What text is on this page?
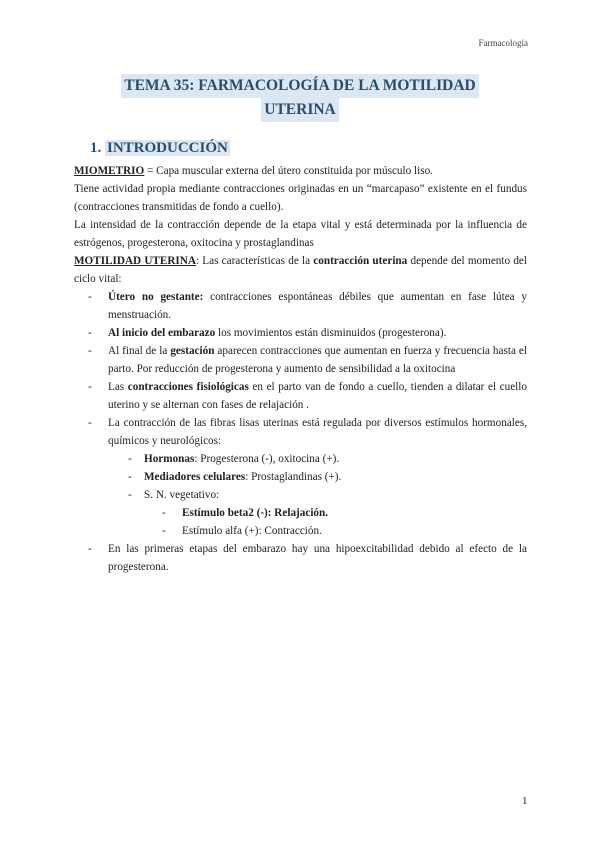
Farmacología
TEMA 35: FARMACOLOGÍA DE LA MOTILIDAD
UTERINA
1. INTRODUCCIÓN

MIOMETRIO = Capa muscular externa del útero constituida por músculo liso.

Tiene actividad propia mediante contracciones originadas en un “marcapaso” existente en el fundus (contracciones transmitidas de fondo a cuello).

La intensidad de la contracción depende de la etapa vital y está determinada por la influencia de estrógenos, progesterona, oxitocina y prostaglandinas

MOTILIDAD UTERINA: Las características de la contracción uterina depende del momento del ciclo vital:

- Útero no gestante: contracciones espontáneas débiles que aumentan en fase lútea y menstruación.
- Al inicio del embarazo los movimientos están disminuidos (progesterona).
- Al final de la gestación aparecen contracciones que aumentan en fuerza y frecuencia hasta el parto. Por reducción de progesterona y aumento de sensibilidad a la oxitocina
- Las contracciones fisiológicas en el parto van de fondo a cuello, tienden a dilatar el cuello uterino y se alternan con fases de relajación .
- La contracción de las fibras lisas uterinas está regulada por diversos estímulos hormonales, químicos y neurológicos:
- Hormonas: Progesterona (-), oxitocina (+).
- Mediadores celulares: Prostaglandinas (+).
- S. N. vegetativo:
- Estímulo beta2 (-): Relajación.
- Estímulo alfa (+): Contracción.
- En las primeras etapas del embarazo hay una hipoexcitabilidad debido al efecto de la progesterona.
1
